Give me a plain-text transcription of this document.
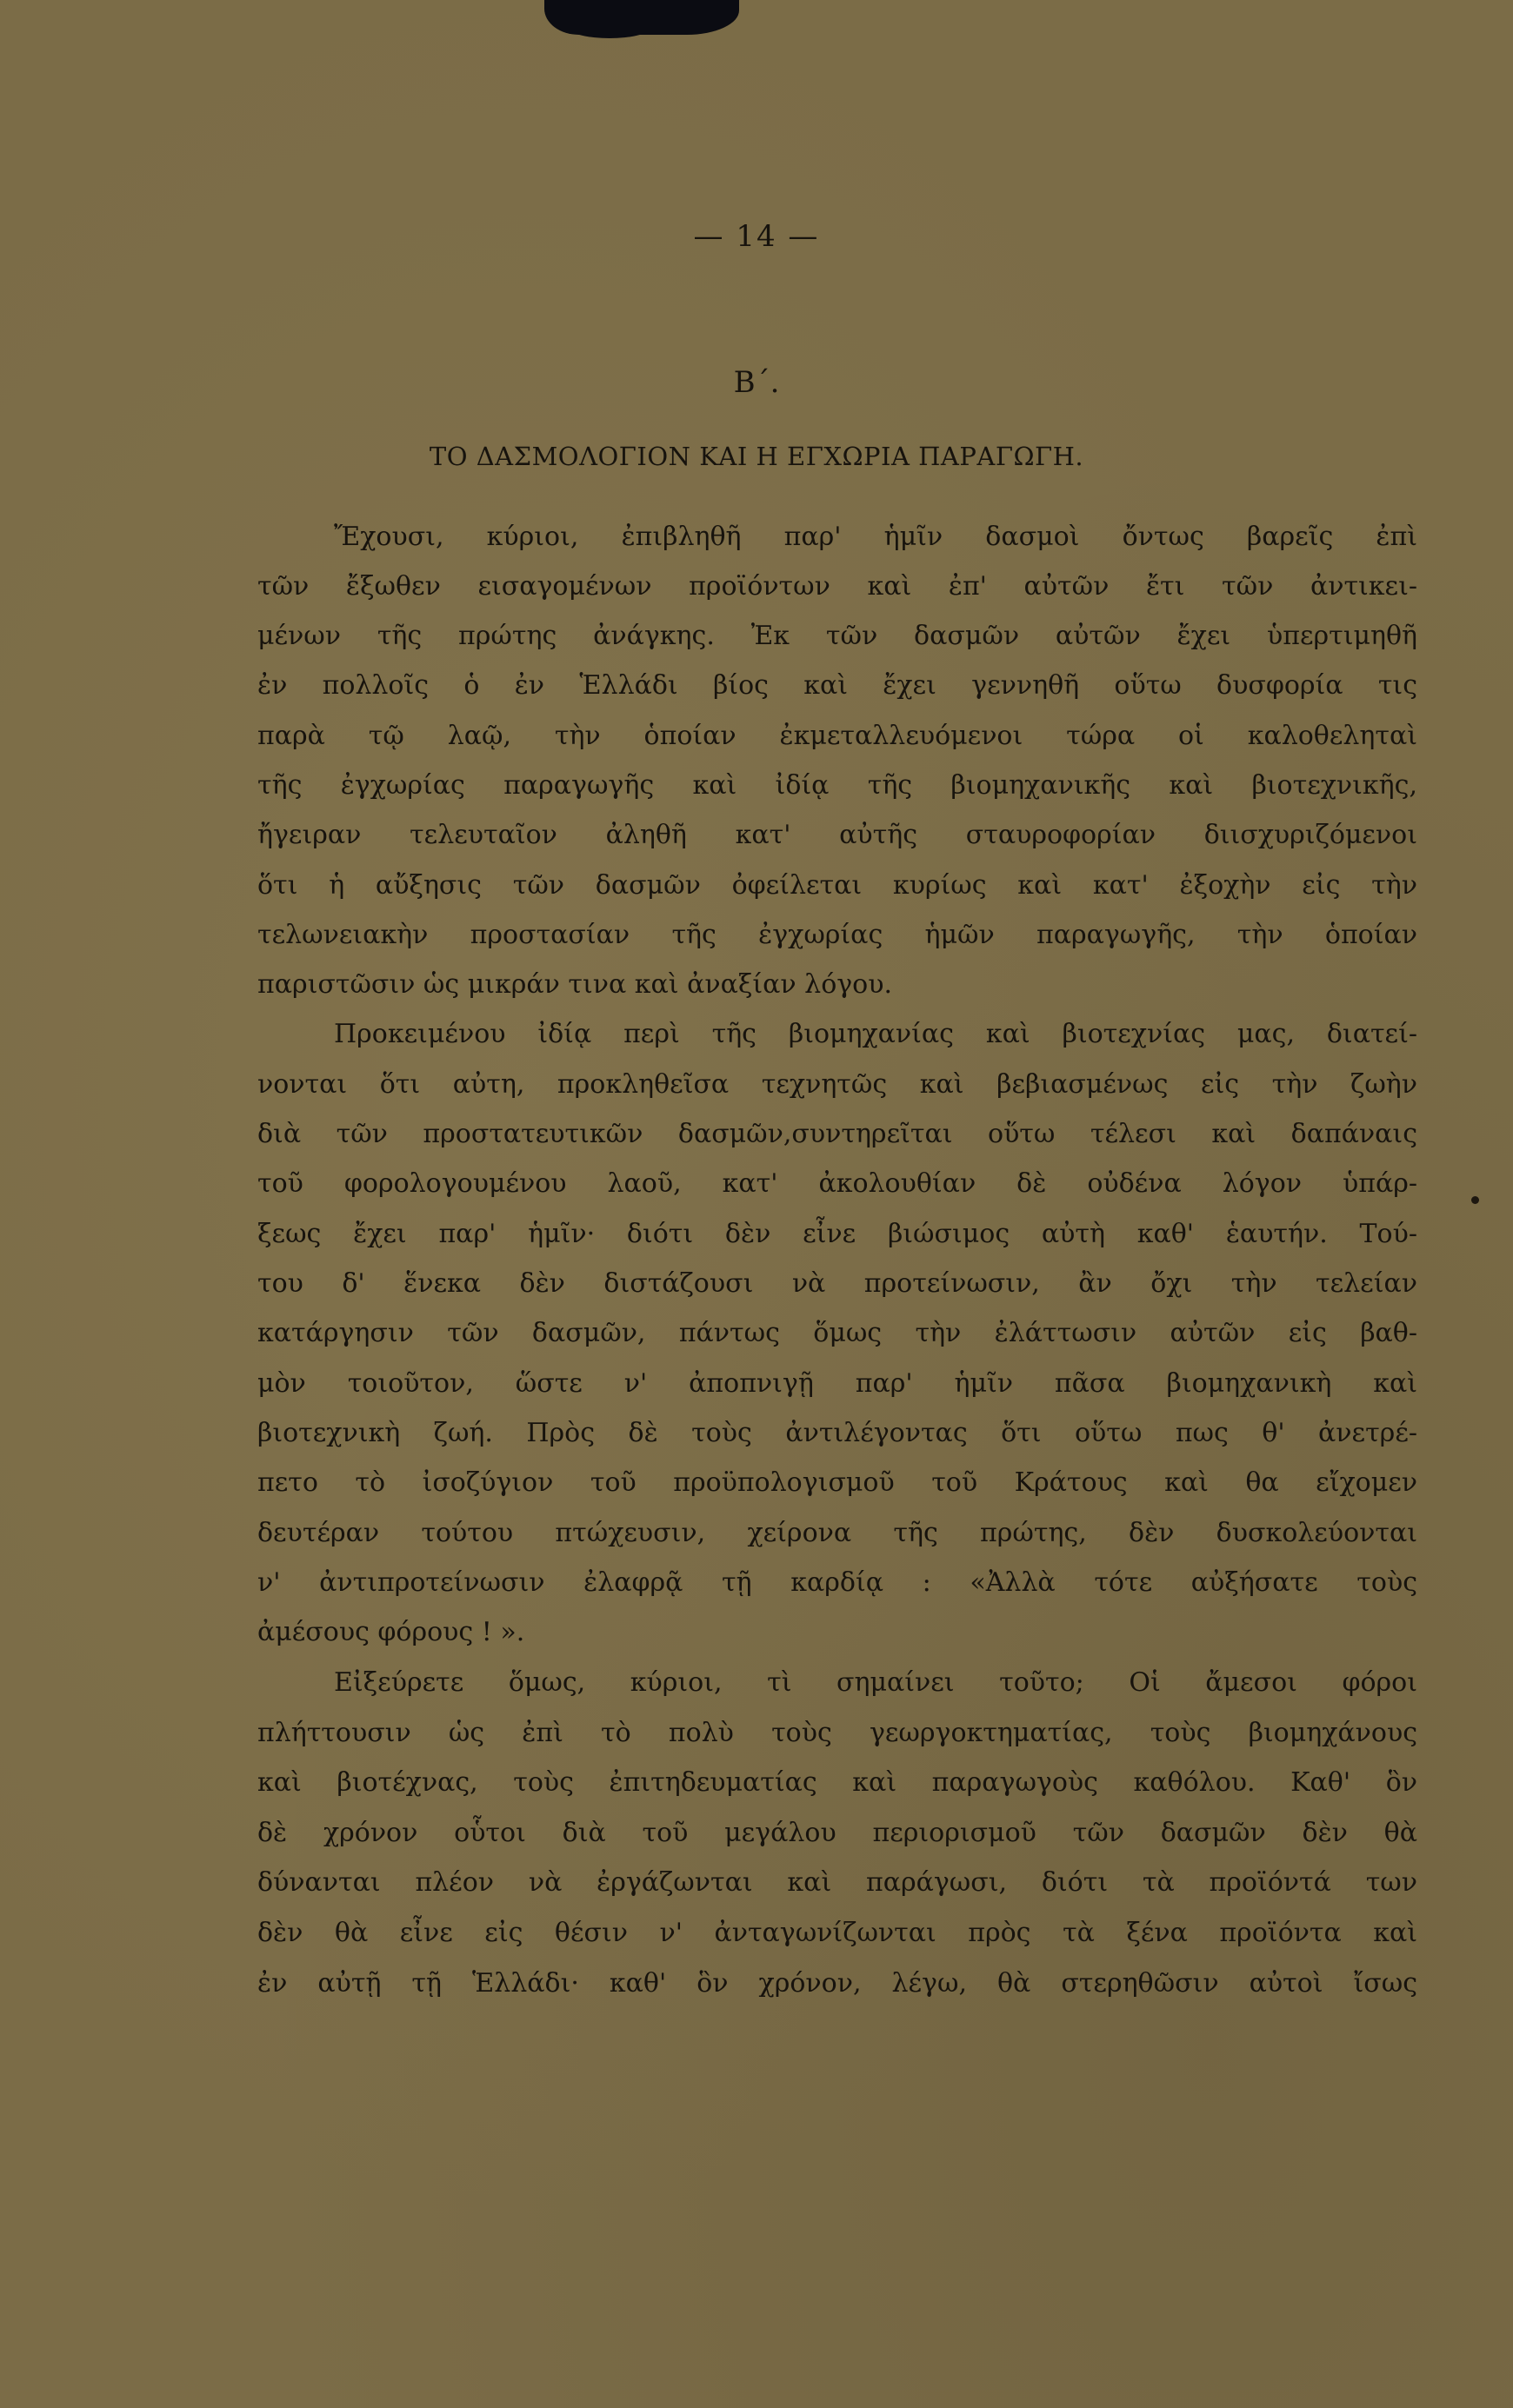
— 14 —
Β΄.
ΤΟ ΔΑΣΜΟΛΟΓΙΟΝ ΚΑΙ Η ΕΓΧΩΡΙΑ ΠΑΡΑΓΩΓΗ.
Ἔχουσι, κύριοι, ἐπιβληθῆ παρ' ἡμῖν δασμοὶ ὄντως βαρεῖς ἐπὶ
τῶν ἔξωθεν εισαγομένων προϊόντων καὶ ἐπ' αὐτῶν ἔτι τῶν ἀντικει-
μένων τῆς πρώτης ἀνάγκης. Ἐκ τῶν δασμῶν αὐτῶν ἔχει ὑπερτιμηθῆ
ἐν πολλοῖς ὁ ἐν Ἑλλάδι βίος καὶ ἔχει γεννηθῆ οὕτω δυσφορία τις
παρὰ τῷ λαῷ, τὴν ὁποίαν ἐκμεταλλευόμενοι τώρα οἱ καλοθεληταὶ
τῆς ἐγχωρίας παραγωγῆς καὶ ἰδίᾳ τῆς βιομηχανικῆς καὶ βιοτεχνικῆς,
ἤγειραν τελευταῖον ἀληθῆ κατ' αὐτῆς σταυροφορίαν διισχυριζόμενοι
ὅτι ἡ αὔξησις τῶν δασμῶν ὀφείλεται κυρίως καὶ κατ' ἐξοχὴν εἰς τὴν
τελωνειακὴν προστασίαν τῆς ἐγχωρίας ἡμῶν παραγωγῆς, τὴν ὁποίαν
παριστῶσιν ὡς μικράν τινα καὶ ἀναξίαν λόγου.
Προκειμένου ἰδίᾳ περὶ τῆς βιομηχανίας καὶ βιοτεχνίας μας, διατεί-
νονται ὅτι αὐτη, προκληθεῖσα τεχνητῶς καὶ βεβιασμένως εἰς τὴν ζωὴν
διὰ τῶν προστατευτικῶν δασμῶν,συντηρεῖται οὕτω τέλεσι καὶ δαπάναις
τοῦ φορολογουμένου λαοῦ, κατ' ἀκολουθίαν δὲ οὐδένα λόγον ὑπάρ-
ξεως ἔχει παρ' ἡμῖν· διότι δὲν εἶνε βιώσιμος αὐτὴ καθ' ἑαυτήν. Τού-
του δ' ἕνεκα δὲν διστάζουσι νὰ προτείνωσιν, ἂν ὄχι τὴν τελείαν
κατάργησιν τῶν δασμῶν, πάντως ὅμως τὴν ἐλάττωσιν αὐτῶν εἰς βαθ-
μὸν τοιοῦτον, ὥστε ν' ἀποπνιγῇ παρ' ἡμῖν πᾶσα βιομηχανικὴ καὶ
βιοτεχνικὴ ζωή. Πρὸς δὲ τοὺς ἀντιλέγοντας ὅτι οὕτω πως θ' ἀνετρέ-
πετο τὸ ἰσοζύγιον τοῦ προϋπολογισμοῦ τοῦ Κράτους καὶ θα εἴχομεν
δευτέραν τούτου πτώχευσιν, χείρονα τῆς πρώτης, δὲν δυσκολεύονται
ν' ἀντιπροτείνωσιν ἐλαφρᾷ τῇ καρδίᾳ : «Ἀλλὰ τότε αὐξήσατε τοὺς
ἀμέσους φόρους ! ».
Εἰξεύρετε ὅμως, κύριοι, τὶ σημαίνει τοῦτο; Οἱ ἄμεσοι φόροι
πλήττουσιν ὡς ἐπὶ τὸ πολὺ τοὺς γεωργοκτηματίας, τοὺς βιομηχάνους
καὶ βιοτέχνας, τοὺς ἐπιτηδευματίας καὶ παραγωγοὺς καθόλου. Καθ' ὃν
δὲ χρόνον οὗτοι διὰ τοῦ μεγάλου περιορισμοῦ τῶν δασμῶν δὲν θὰ
δύνανται πλέον νὰ ἐργάζωνται καὶ παράγωσι, διότι τὰ προϊόντά των
δὲν θὰ εἶνε εἰς θέσιν ν' ἀνταγωνίζωνται πρὸς τὰ ξένα προϊόντα καὶ
ἐν αὐτῇ τῇ Ἑλλάδι· καθ' ὃν χρόνον, λέγω, θὰ στερηθῶσιν αὐτοὶ ἴσως
